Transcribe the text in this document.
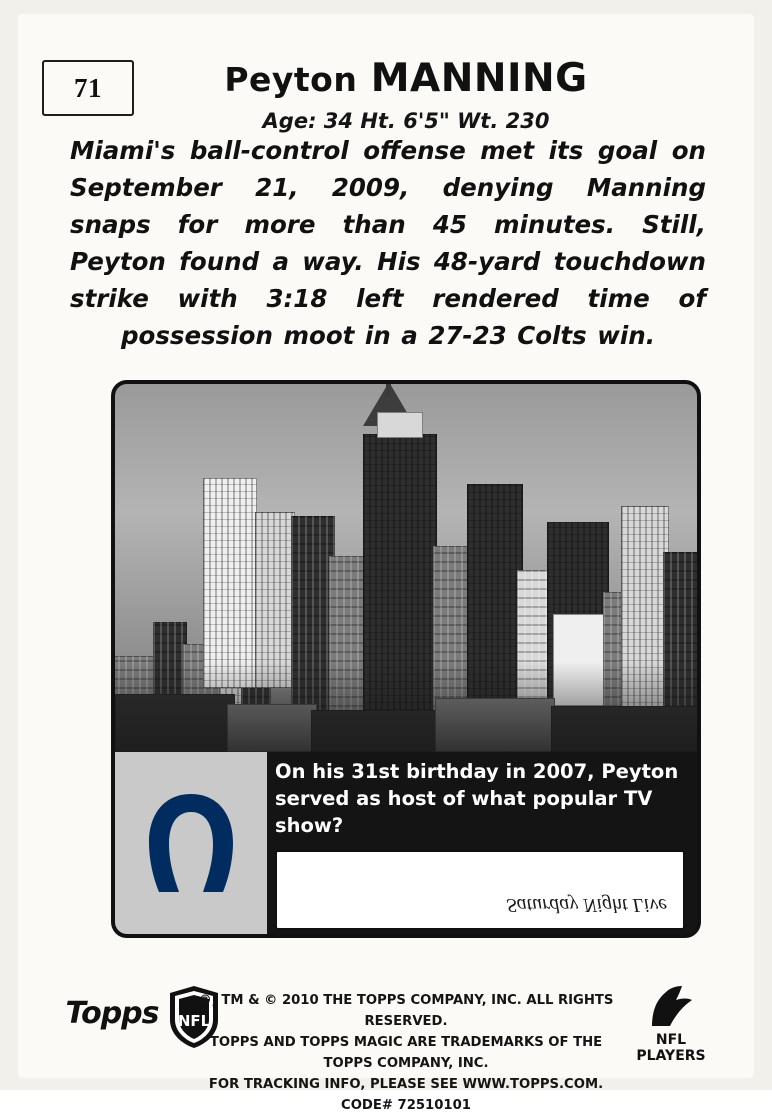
71	Peyton MANNING
Age: 34 Ht. 6'5" Wt. 230
Miami's ball-control offense met its goal on September 21, 2009, denying Manning snaps for more than 45 minutes. Still, Peyton found a way. His 48-yard touchdown strike with 3:18 left rendered time of possession moot in a 27-23 Colts win.
On his 31st birthday in 2007, Peyton served as host of what popular TV show?
Saturday Night Live
Topps NFL
®, TM & © 2010 THE TOPPS COMPANY, INC. ALL RIGHTS RESERVED.
TOPPS AND TOPPS MAGIC ARE TRADEMARKS OF THE TOPPS COMPANY, INC.
FOR TRACKING INFO, PLEASE SEE WWW.TOPPS.COM. CODE# 72510101
NFL PLAYERS
